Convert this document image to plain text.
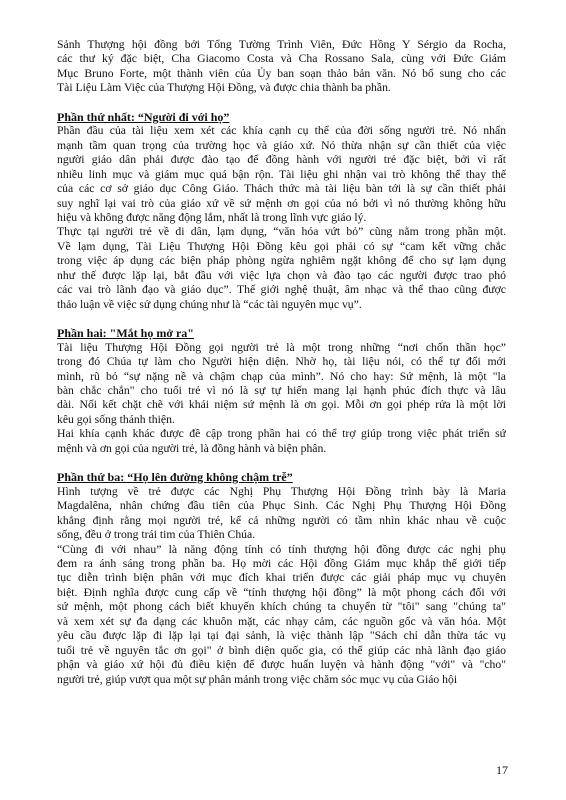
Sảnh Thượng hội đồng bởi Tổng Tường Trình Viên, Đức Hồng Y Sérgio da Rocha,
các thư ký đặc biệt, Cha Giacomo Costa và Cha Rossano Sala, cùng với Đức Giám
Mục Bruno Forte, một thành viên của Ủy ban soạn thảo bản văn. Nó bổ sung cho các
Tài Liệu Làm Việc của Thượng Hội Đồng, và được chia thành ba phần.

Phần thứ nhất: “Người đi với họ”

Phần đầu của tài liệu xem xét các khía cạnh cụ thể của đời sống người trẻ. Nó nhấn
mạnh tầm quan trọng của trường học và giáo xứ. Nó thừa nhận sự cần thiết của việc
người giáo dân phải được đào tạo để đồng hành với người trẻ đặc biệt, bởi vì rất
nhiều linh mục và giám mục quá bận rộn. Tài liệu ghi nhận vai trò không thể thay thế
của các cơ sở giáo dục Công Giáo. Thách thức mà tài liệu bàn tới là sự cần thiết phải
suy nghĩ lại vai trò của giáo xứ về sứ mệnh ơn gọi của nó bởi vì nó thường không hữu
hiệu và không được năng động lắm, nhất là trong lĩnh vực giáo lý.
Thực tại người trẻ về di dân, lạm dụng, “văn hóa vứt bỏ” cũng nằm trong phần một.
Về lạm dụng, Tài Liệu Thượng Hội Đồng kêu gọi phải có sự “cam kết vững chắc
trong việc áp dụng các biện pháp phòng ngừa nghiêm ngặt không để cho sự lạm dụng
như thế được lặp lại, bắt đầu với việc lựa chọn và đào tạo các người được trao phó
các vai trò lãnh đạo và giáo dục”. Thế giới nghệ thuật, âm nhạc và thể thao cũng được
thảo luận về việc sử dụng chúng như là “các tài nguyên mục vụ”.

Phần hai: "Mắt họ mở ra"

Tài liệu Thượng Hội Đồng gọi người trẻ là một trong những “nơi chốn thần học”
trong đó Chúa tự làm cho Người hiện diện. Nhờ họ, tài liệu nói, có thể tự đối mới
mình, rũ bỏ “sự nặng nề và chậm chạp của mình”. Nó cho hay: Sứ mệnh, là một "la
bàn chắc chắn" cho tuổi trẻ vì nó là sự tự hiến mang lại hạnh phúc đích thực và lâu
dài. Nối kết chặt chẽ với khái niệm sứ mệnh là ơn gọi. Mỗi ơn gọi phép rửa là một lời
kêu gọi sống thánh thiện.
Hai khía cạnh khác được đề cập trong phần hai có thể trợ giúp trong việc phát triển sứ
mệnh và ơn gọi của người trẻ, là đồng hành và biện phân.

Phần thứ ba: “Họ lên đường không chậm trễ”

Hình tượng về trẻ được các Nghị Phụ Thượng Hội Đồng trình bày là Maria
Magdalêna, nhân chứng đầu tiên của Phục Sinh. Các Nghị Phụ Thượng Hội Đồng
khẳng định rằng mọi người trẻ, kể cả những người có tầm nhìn khác nhau về cuộc
sống, đều ở trong trái tim của Thiên Chúa.
“Cùng đi với nhau” là năng động tính có tính thượng hội đồng được các nghị phụ
đem ra ánh sáng trong phần ba. Họ mời các Hội đồng Giám mục khắp thế giới tiếp
tục diễn trình biện phân với mục đích khai triển được các giải pháp mục vụ chuyên
biệt. Định nghĩa được cung cấp về “tính thượng hội đồng” là một phong cách đối với
sứ mệnh, một phong cách biết khuyến khích chúng ta chuyển từ "tôi" sang "chúng ta"
và xem xét sự đa dạng các khuôn mặt, các nhạy cảm, các nguồn gốc và văn hóa. Một
yêu cầu được lặp đi lặp lại tại đại sảnh, là việc thành lập "Sách chỉ dẫn thừa tác vụ
tuổi trẻ về nguyên tắc ơn gọi" ở bình diện quốc gia, có thể giúp các nhà lãnh đạo giáo
phận và giáo xứ hội đủ điều kiện để được huấn luyện và hành động "với" và "cho"
người trẻ, giúp vượt qua một sự phân mảnh trong việc chăm sóc mục vụ của Giáo hội
17
